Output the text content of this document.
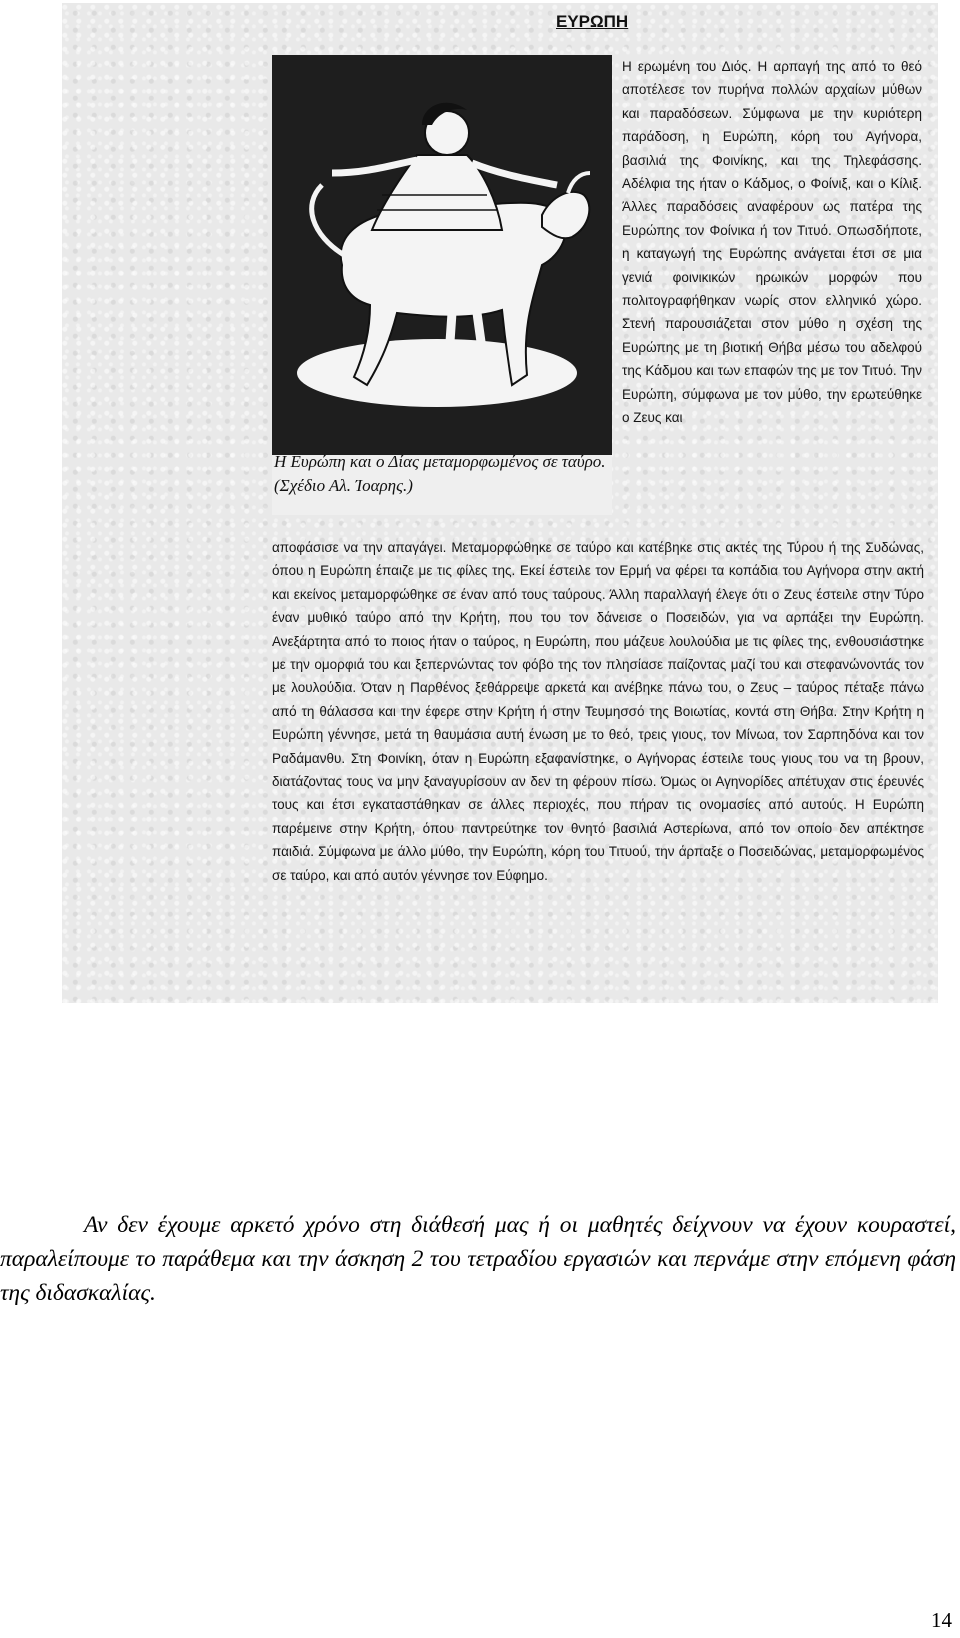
ΕΥΡΩΠΗ
Η Ευρώπη και ο Δίας μεταμορφωμένος σε ταύρο. (Σχέδιο Αλ. Ίοαρης.)

Η ερωμένη του Διός. Η αρπαγή της από το θεό αποτέλεσε τον πυρήνα πολλών αρχαίων μύθων και παραδόσεων. Σύμφωνα με την κυριότερη παράδοση, η Ευρώπη, κόρη του Αγήνορα, βασιλιά της Φοινίκης, και της Τηλεφάσσης. Αδέλφια της ήταν ο Κάδμος, ο Φοίνιξ, και ο Κίλιξ. Άλλες παραδόσεις αναφέρουν ως πατέρα της Ευρώπης τον Φοίνικα ή τον Τιτυό. Οπωσδήποτε, η καταγωγή της Ευρώπης ανάγεται έτσι σε μια γενιά φοινικικών ηρωικών μορφών που πολιτογραφήθηκαν νωρίς στον ελληνικό χώρο. Στενή παρουσιάζεται στον μύθο η σχέση της Ευρώπης με τη βιοτική Θήβα μέσω του αδελφού της Κάδμου και των επαφών της με τον Τιτυό. Την Ευρώπη, σύμφωνα με τον μύθο, την ερωτεύθηκε ο Ζευς και

αποφάσισε να την απαγάγει. Μεταμορφώθηκε σε ταύρο και κατέβηκε στις ακτές της Τύρου ή της Συδώνας, όπου η Ευρώπη έπαιζε με τις φίλες της. Εκεί έστειλε τον Ερμή να φέρει τα κοπάδια του Αγήνορα στην ακτή και εκείνος μεταμορφώθηκε σε έναν από τους ταύρους. Άλλη παραλλαγή έλεγε ότι ο Ζευς έστειλε στην Τύρο έναν μυθικό ταύρο από την Κρήτη, που του τον δάνεισε ο Ποσειδών, για να αρπάξει την Ευρώπη. Ανεξάρτητα από το ποιος ήταν ο ταύρος, η Ευρώπη, που μάζευε λουλούδια με τις φίλες της, ενθουσιάστηκε με την ομορφιά του και ξεπερνώντας τον φόβο της τον πλησίασε παίζοντας μαζί του και στεφανώνοντάς τον με λουλούδια. Όταν η Παρθένος ξεθάρρεψε αρκετά και ανέβηκε πάνω του, ο Ζευς – ταύρος πέταξε πάνω από τη θάλασσα και την έφερε στην Κρήτη ή στην Τευμησσό της Βοιωτίας, κοντά στη Θήβα. Στην Κρήτη η Ευρώπη γέννησε, μετά τη θαυμάσια αυτή ένωση με το θεό, τρεις γιους, τον Μίνωα, τον Σαρπηδόνα και τον Ραδάμανθυ. Στη Φοινίκη, όταν η Ευρώπη εξαφανίστηκε, ο Αγήνορας έστειλε τους γιους του να τη βρουν, διατάζοντας τους να μην ξαναγυρίσουν αν δεν τη φέρουν πίσω. Όμως οι Αγηνορίδες απέτυχαν στις έρευνές τους και έτσι εγκαταστάθηκαν σε άλλες περιοχές, που πήραν τις ονομασίες από αυτούς. Η Ευρώπη παρέμεινε στην Κρήτη, όπου παντρεύτηκε τον θνητό βασιλιά Αστερίωνα, από τον οποίο δεν απέκτησε παιδιά. Σύμφωνα με άλλο μύθο, την Ευρώπη, κόρη του Τιτυού, την άρπαξε ο Ποσειδώνας, μεταμορφωμένος σε ταύρο, και από αυτόν γέννησε τον Εύφημο.

Αν δεν έχουμε αρκετό χρόνο στη διάθεσή μας ή οι μαθητές δείχνουν να έχουν κουραστεί, παραλείπουμε το παράθεμα και την άσκηση 2 του τετραδίου εργασιών και περνάμε στην επόμενη φάση της διδασκαλίας.

14
